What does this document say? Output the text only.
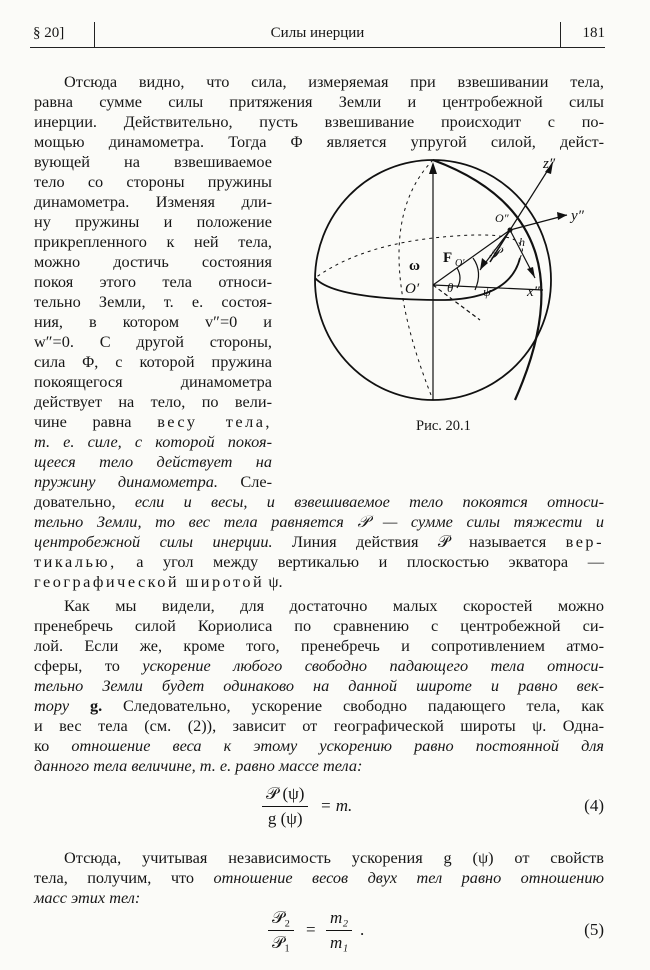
§ 20]	Силы инерции	181
Отсюда видно, что сила, измеряемая при взвешивании тела,
равна сумме силы притяжения Земли и центробежной силы
инерции. Действительно, пусть взвешивание происходит с по-
мощью динамометра. Тогда Φ является упругой силой, дейст-
вующей на взвешиваемое
тело со стороны пружины
динамометра. Изменяя дли-
ну пружины и положение
прикрепленного к ней тела,
можно достичь состояния
покоя этого тела относи-
тельно Земли, т. е. состоя-
ния, в котором v″=0 и
w″=0. С другой стороны,
сила Φ, с которой пружина
покоящегося динамометра
действует на тело, по вели-
чине равна весу тела,
т. е. силе, с которой покоя-
щееся тело действует на
пружину динамометра. Сле-
z″
y″
x″
O″
h
O′
ω F O′
𝒫
θ ψ
Рис. 20.1
довательно, если и весы, и взвешиваемое тело покоятся относи-
тельно Земли, то вес тела равняется 𝒫 — сумме силы тяжести и
центробежной силы инерции. Линия действия 𝒫 называется вер-
тикалью, а угол между вертикалью и плоскостью экватора —
географической широтой ψ.
Как мы видели, для достаточно малых скоростей можно
пренебречь силой Кориолиса по сравнению с центробежной си-
лой. Если же, кроме того, пренебречь и сопротивлением атмо-
сферы, то ускорение любого свободно падающего тела относи-
тельно Земли будет одинаково на данной широте и равно век-
тору g. Следовательно, ускорение свободно падающего тела, как
и вес тела (см. (2)), зависит от географической широты ψ. Одна-
ко отношение веса к этому ускорению равно постоянной для
данного тела величине, т. е. равно массе тела:
𝒫 (ψ)
g (ψ)
= m.	(4)
Отсюда, учитывая независимость ускорения g (ψ) от свойств
тела, получим, что отношение весов двух тел равно отношению
масс этих тел:
𝒫₂
𝒫₁
= $\frac{\text{m₂}}{\text{m₁}}$ .	(5)
